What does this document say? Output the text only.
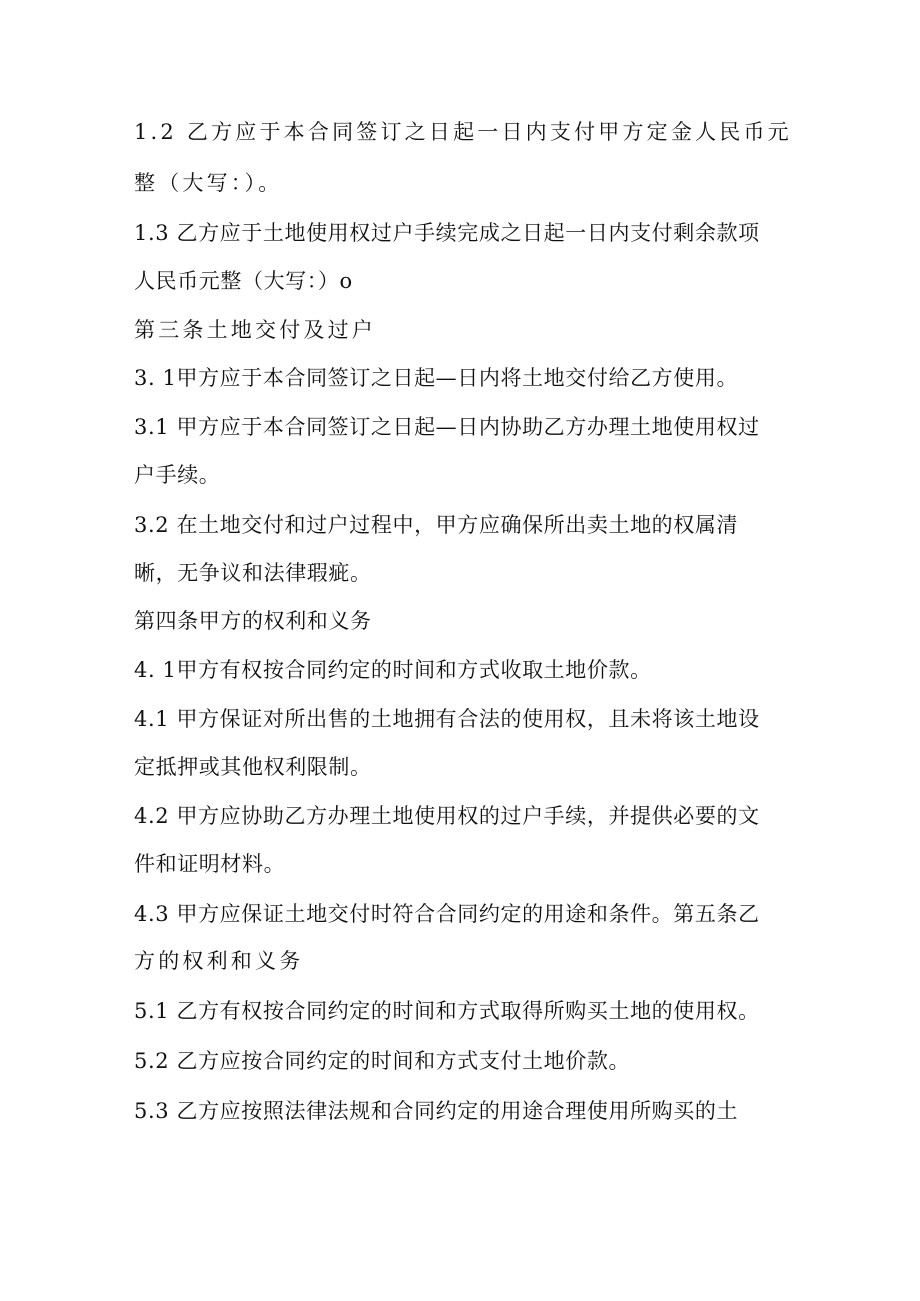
1.2 乙方应于本合同签订之日起一日内支付甲方定金人民币元
整（大写：）。
1.3 乙方应于土地使用权过户手续完成之日起一日内支付剩余款项
人民币元整（大写：）o
第三条土地交付及过户
3. 1甲方应于本合同签订之日起—日内将土地交付给乙方使用。
3.1 甲方应于本合同签订之日起—日内协助乙方办理土地使用权过
户手续。
3.2 在土地交付和过户过程中，甲方应确保所出卖土地的权属清
晰，无争议和法律瑕疵。
第四条甲方的权利和义务
4. 1甲方有权按合同约定的时间和方式收取土地价款。
4.1 甲方保证对所出售的土地拥有合法的使用权，且未将该土地设
定抵押或其他权利限制。
4.2 甲方应协助乙方办理土地使用权的过户手续，并提供必要的文
件和证明材料。
4.3 甲方应保证土地交付时符合合同约定的用途和条件。第五条乙
方的权利和义务
5.1 乙方有权按合同约定的时间和方式取得所购买土地的使用权。
5.2 乙方应按合同约定的时间和方式支付土地价款。
5.3 乙方应按照法律法规和合同约定的用途合理使用所购买的土
